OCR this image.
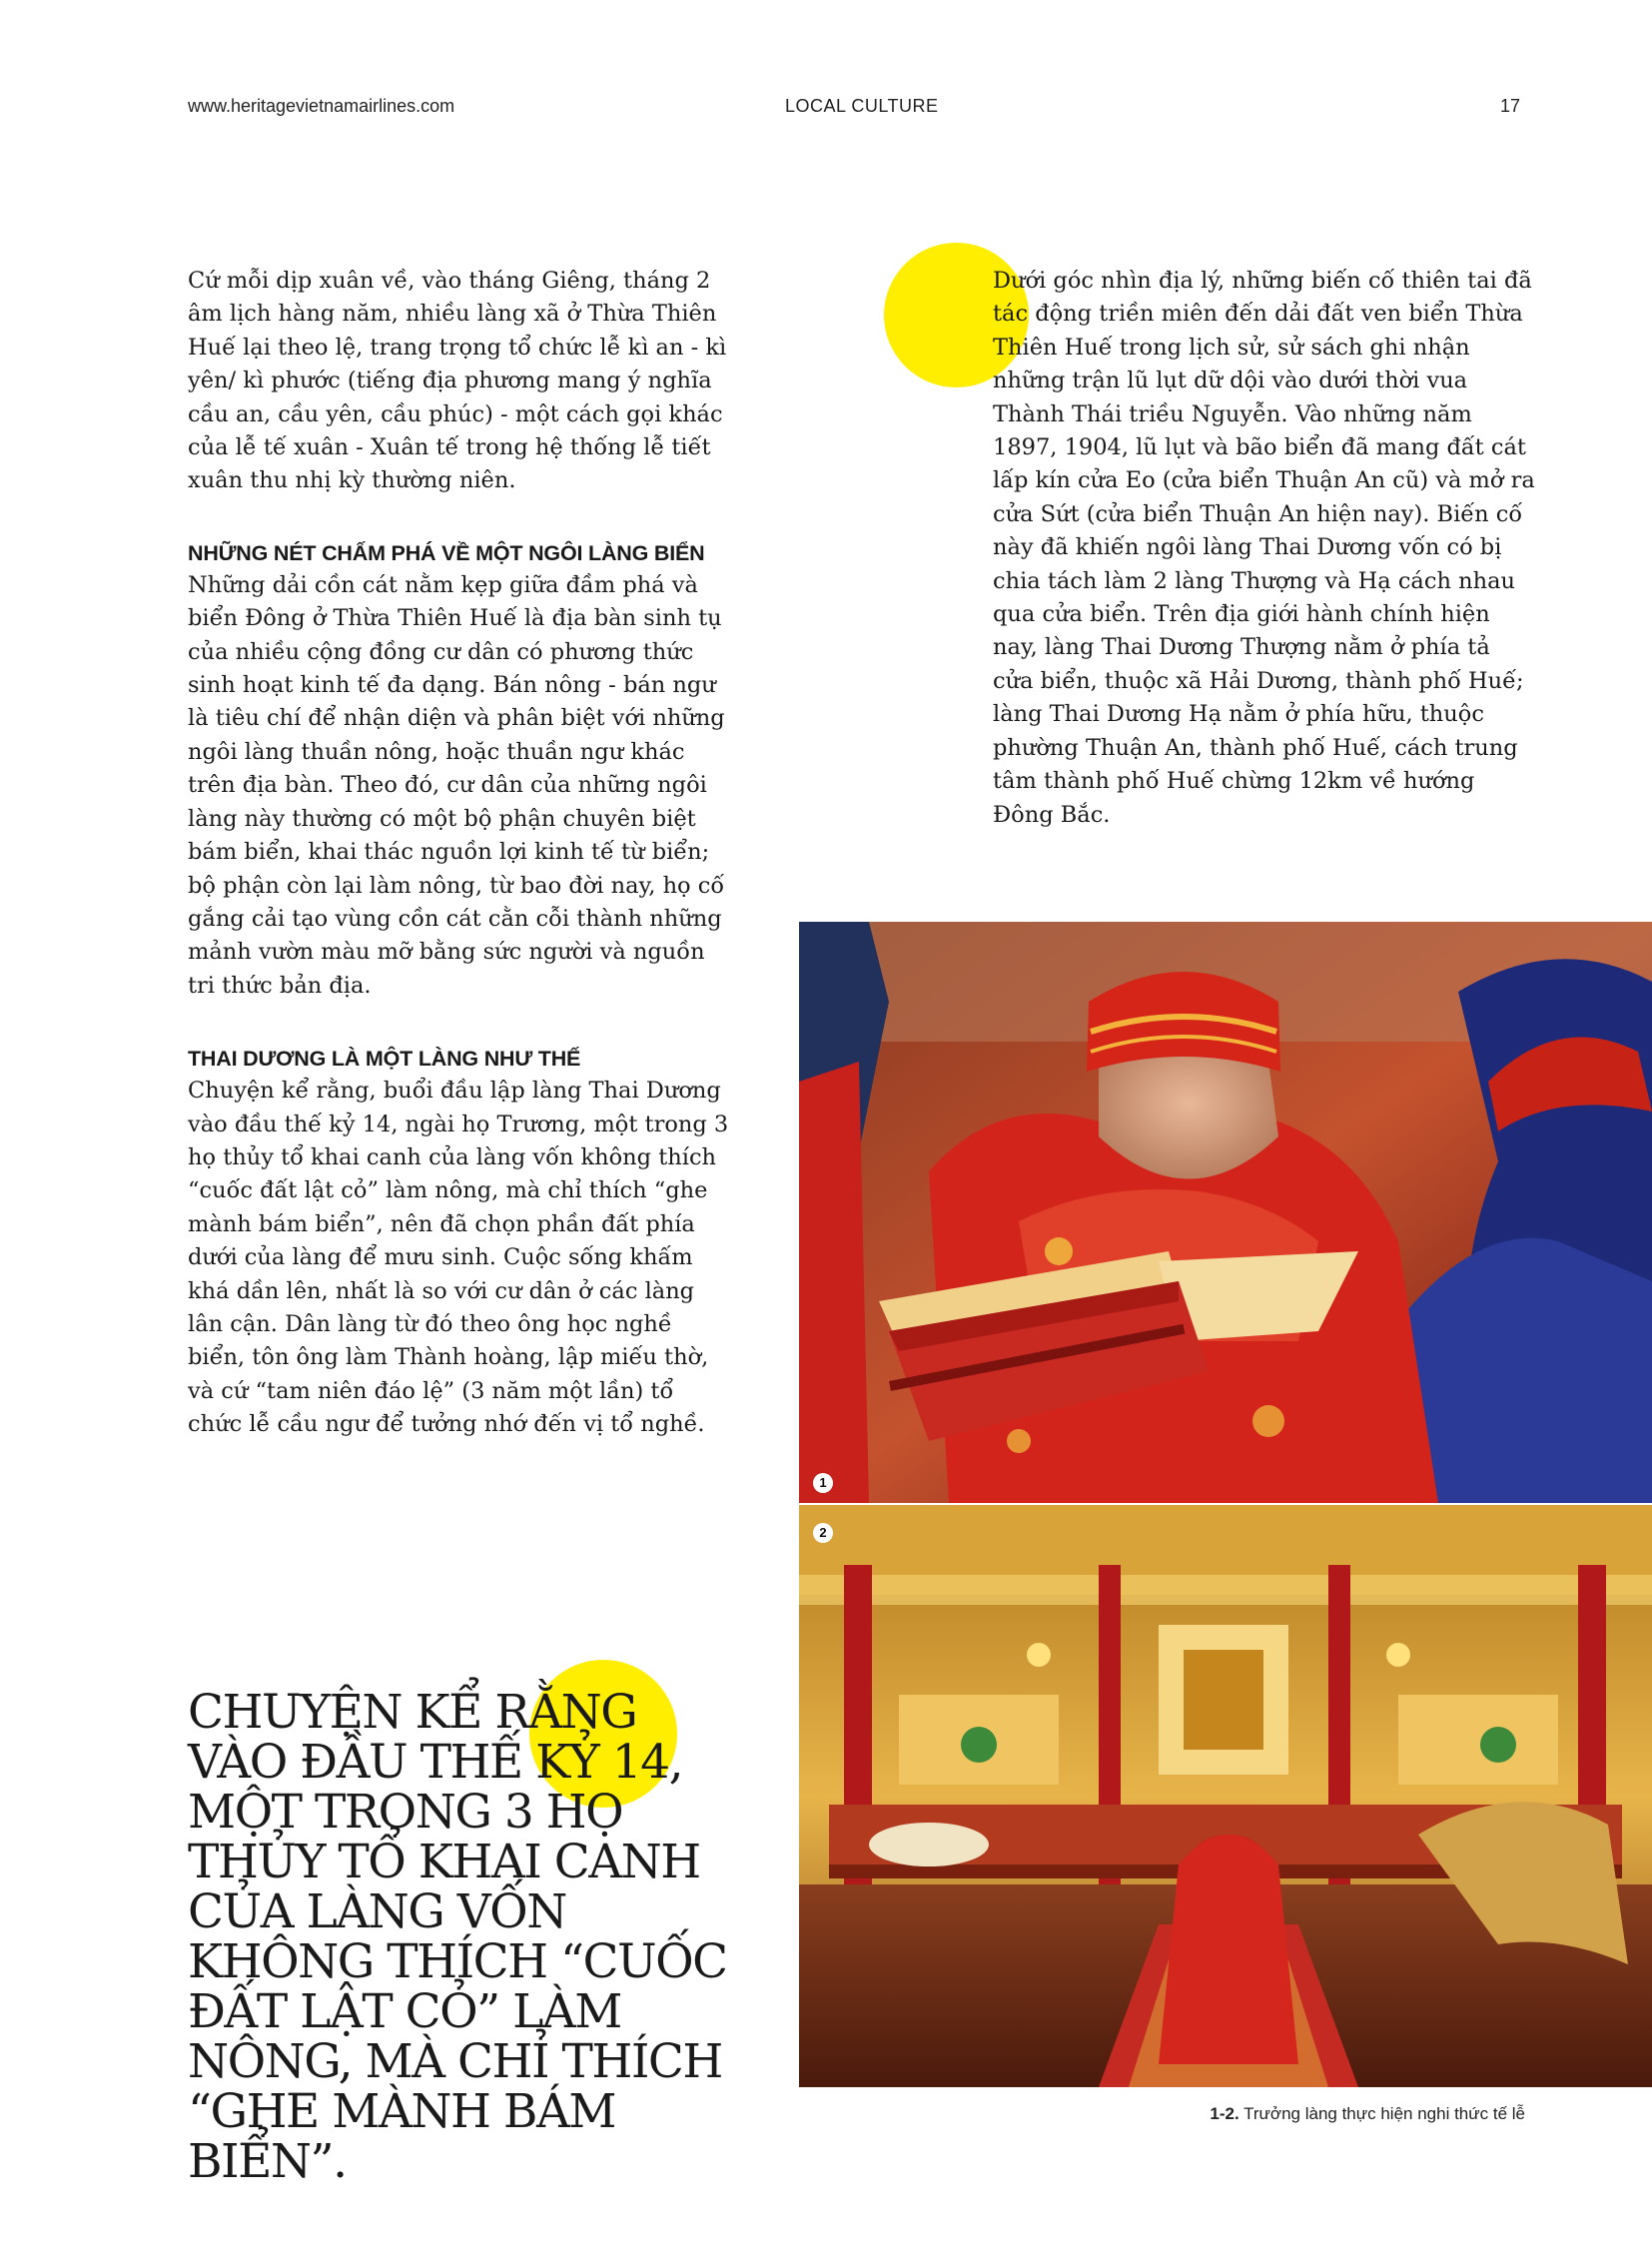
www.heritagevietnamairlines.com	LOCAL CULTURE	17

Cứ mỗi dịp xuân về, vào tháng Giêng, tháng 2 âm lịch hàng năm, nhiều làng xã ở Thừa Thiên Huế lại theo lệ, trang trọng tổ chức lễ kì an - kì yên/ kì phước (tiếng địa phương mang ý nghĩa cầu an, cầu yên, cầu phúc) - một cách gọi khác của lễ tế xuân - Xuân tế trong hệ thống lễ tiết xuân thu nhị kỳ thường niên.

NHỮNG NÉT CHẤM PHÁ VỀ MỘT NGÔI LÀNG BIỂN

Những dải cồn cát nằm kẹp giữa đầm phá và biển Đông ở Thừa Thiên Huế là địa bàn sinh tụ của nhiều cộng đồng cư dân có phương thức sinh hoạt kinh tế đa dạng. Bán nông - bán ngư là tiêu chí để nhận diện và phân biệt với những ngôi làng thuần nông, hoặc thuần ngư khác trên địa bàn. Theo đó, cư dân của những ngôi làng này thường có một bộ phận chuyên biệt bám biển, khai thác nguồn lợi kinh tế từ biển; bộ phận còn lại làm nông, từ bao đời nay, họ cố gắng cải tạo vùng cồn cát cằn cỗi thành những mảnh vườn màu mỡ bằng sức người và nguồn tri thức bản địa.

THAI DƯƠNG LÀ MỘT LÀNG NHƯ THẾ

Chuyện kể rằng, buổi đầu lập làng Thai Dương vào đầu thế kỷ 14, ngài họ Trương, một trong 3 họ thủy tổ khai canh của làng vốn không thích “cuốc đất lật cỏ” làm nông, mà chỉ thích “ghe mành bám biển”, nên đã chọn phần đất phía dưới của làng để mưu sinh. Cuộc sống khấm khá dần lên, nhất là so với cư dân ở các làng lân cận. Dân làng từ đó theo ông học nghề biển, tôn ông làm Thành hoàng, lập miếu thờ, và cứ “tam niên đáo lệ” (3 năm một lần) tổ chức lễ cầu ngư để tưởng nhớ đến vị tổ nghề.

Dưới góc nhìn địa lý, những biến cố thiên tai đã tác động triền miên đến dải đất ven biển Thừa Thiên Huế trong lịch sử, sử sách ghi nhận những trận lũ lụt dữ dội vào dưới thời vua Thành Thái triều Nguyễn. Vào những năm 1897, 1904, lũ lụt và bão biển đã mang đất cát lấp kín cửa Eo (cửa biển Thuận An cũ) và mở ra cửa Sứt (cửa biển Thuận An hiện nay). Biến cố này đã khiến ngôi làng Thai Dương vốn có bị chia tách làm 2 làng Thượng và Hạ cách nhau qua cửa biển. Trên địa giới hành chính hiện nay, làng Thai Dương Thượng nằm ở phía tả cửa biển, thuộc xã Hải Dương, thành phố Huế; làng Thai Dương Hạ nằm ở phía hữu, thuộc phường Thuận An, thành phố Huế, cách trung tâm thành phố Huế chừng 12km về hướng Đông Bắc.

CHUYỆN KỂ RẰNG VÀO ĐẦU THẾ KỶ 14, MỘT TRONG 3 HỌ THỦY TỔ KHAI CANH CỦA LÀNG VỐN KHÔNG THÍCH “CUỐC ĐẤT LẬT CỎ” LÀM NÔNG, MÀ CHỈ THÍCH “GHE MÀNH BÁM BIỂN”.
1
2
1-2. Trưởng làng thực hiện nghi thức tế lễ
